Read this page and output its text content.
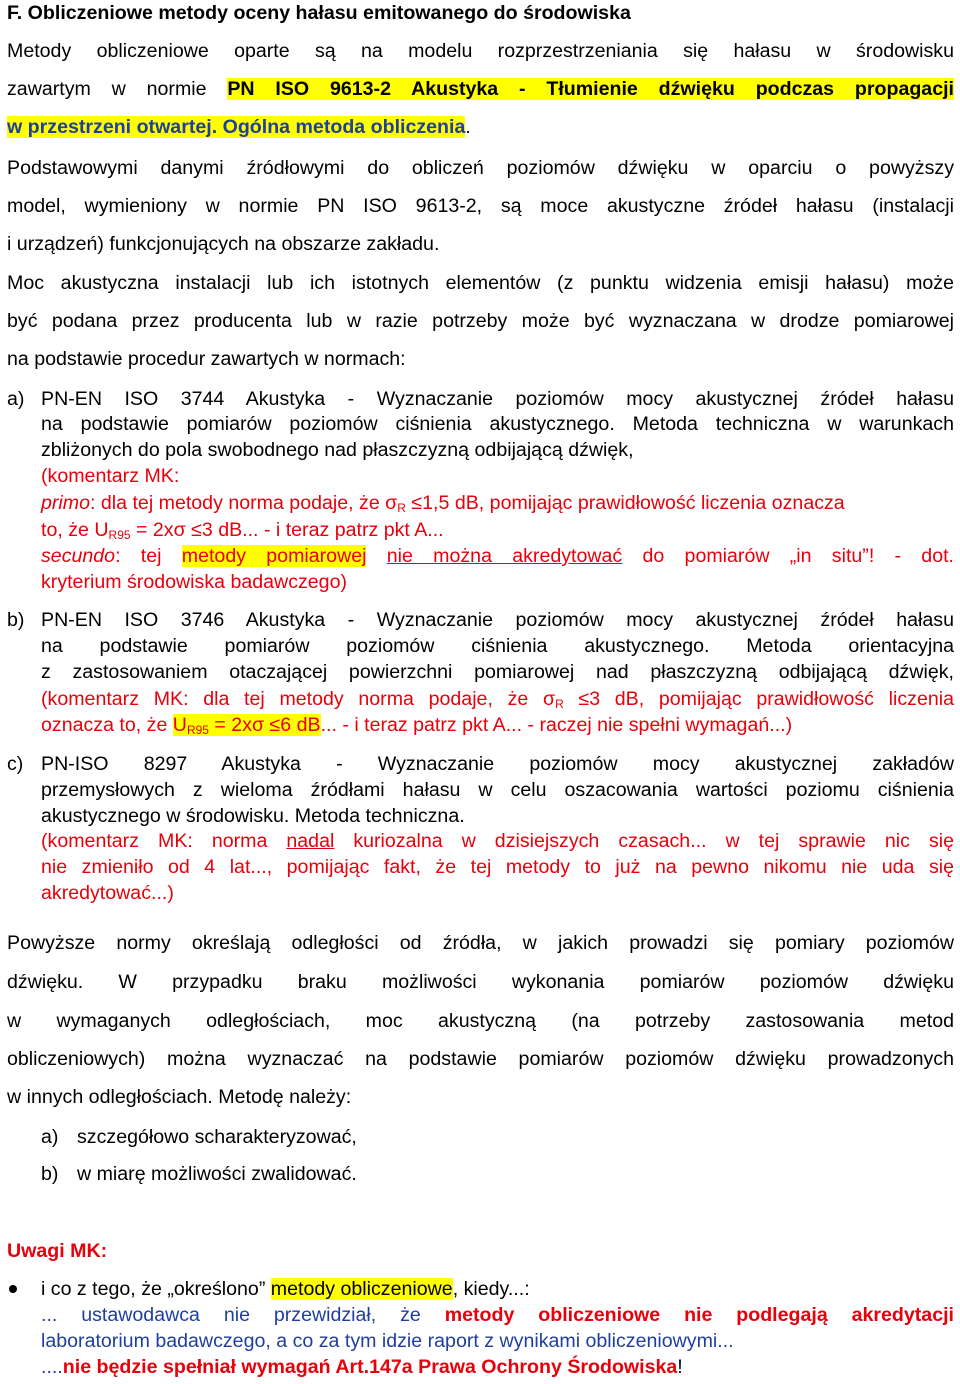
F. Obliczeniowe metody oceny hałasu emitowanego do środowiska
Metody obliczeniowe oparte są na modelu rozprzestrzeniania się hałasu w środowisku
zawartym w normie PN ISO 9613-2 Akustyka - Tłumienie dźwięku podczas propagacji
w przestrzeni otwartej. Ogólna metoda obliczenia.
Podstawowymi danymi źródłowymi do obliczeń poziomów dźwięku w oparciu o powyższy
model, wymieniony w normie PN ISO 9613-2, są moce akustyczne źródeł hałasu (instalacji
i urządzeń) funkcjonujących na obszarze zakładu.
Moc akustyczna instalacji lub ich istotnych elementów (z punktu widzenia emisji hałasu) może
być podana przez producenta lub w razie potrzeby może być wyznaczana w drodze pomiarowej
na podstawie procedur zawartych w normach:
a) PN-EN ISO 3744 Akustyka - Wyznaczanie poziomów mocy akustycznej źródeł hałasu
na podstawie pomiarów poziomów ciśnienia akustycznego. Metoda techniczna w warunkach
zbliżonych do pola swobodnego nad płaszczyzną odbijającą dźwięk,
(komentarz MK:
primo: dla tej metody norma podaje, że $\sigma_R \le 1,5$ dB, pomijając prawidłowość liczenia oznacza
to, że $U_{R95} = 2x\sigma \le 3$ dB... - i teraz patrz pkt A...
secundo: tej metody pomiarowej nie można akredytować do pomiarów „in situ”! - dot.
kryterium środowiska badawczego)
b) PN-EN ISO 3746 Akustyka - Wyznaczanie poziomów mocy akustycznej źródeł hałasu
na podstawie pomiarów poziomów ciśnienia akustycznego. Metoda orientacyjna
z zastosowaniem otaczającej powierzchni pomiarowej nad płaszczyzną odbijającą dźwięk,
(komentarz MK: dla tej metody norma podaje, że $\sigma_R \le 3$ dB, pomijając prawidłowość liczenia
oznacza to, że $U_{R95} = 2x\sigma \le 6$ dB... - i teraz patrz pkt A... - raczej nie spełni wymagań...)
c) PN-ISO 8297 Akustyka - Wyznaczanie poziomów mocy akustycznej zakładów
przemysłowych z wieloma źródłami hałasu w celu oszacowania wartości poziomu ciśnienia
akustycznego w środowisku. Metoda techniczna.
(komentarz MK: norma nadal kuriozalna w dzisiejszych czasach... w tej sprawie nic się
nie zmieniło od 4 lat..., pomijając fakt, że tej metody to już na pewno nikomu nie uda się
akredytować...)
Powyższe normy określają odległości od źródła, w jakich prowadzi się pomiary poziomów
dźwięku. W przypadku braku możliwości wykonania pomiarów poziomów dźwięku
w wymaganych odległościach, moc akustyczną (na potrzeby zastosowania metod
obliczeniowych) można wyznaczać na podstawie pomiarów poziomów dźwięku prowadzonych
w innych odległościach. Metodę należy:
a) szczegółowo scharakteryzować,
b) w miarę możliwości zwalidować.
Uwagi MK:
i co z tego, że „określono” metody obliczeniowe, kiedy...:
... ustawodawca nie przewidział, że metody obliczeniowe nie podlegają akredytacji
laboratorium badawczego, a co za tym idzie raport z wynikami obliczeniowymi...
....nie będzie spełniał wymagań Art.147a Prawa Ochrony Środowiska!
